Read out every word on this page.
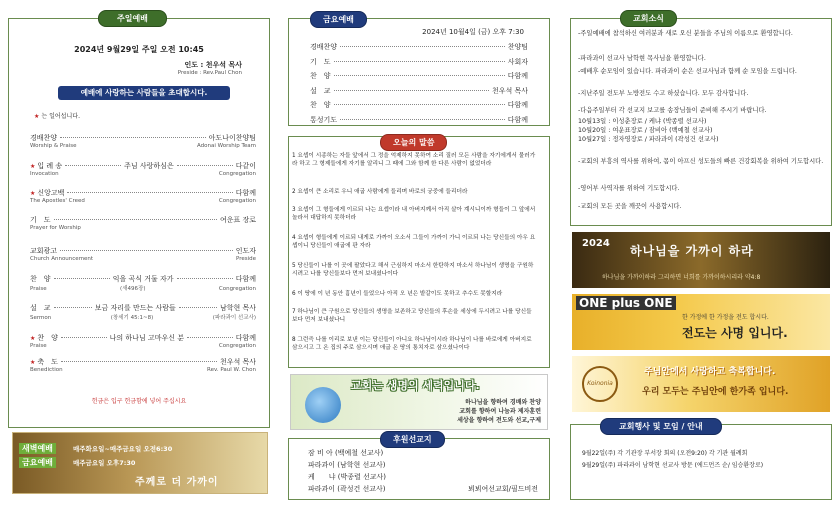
주일예배
2024년 9월29일 주일 오전 10:45
인도 : 천우석 목사
Preside : Rev.Paul Chon
예배에 사랑하는 사람들을 초대합시다.
★ 는 일어섭니다.
경배찬양	아도나이찬양팀
Worship & Praise	Adonai Worship Team
★ 입 례 송	주님 사랑하심은	다같이
Invocation	Congregation
★ 신앙고백	다함께
The Apostles' Creed	Congregation
기　도	여운표 장로
Prayer for Worship
교회광고	인도자
Church Announcement	Preside
찬　양	익을 곡식 거둘 자가	다함께
Praise	(새496장)	Congregation
설　교	보금 자리를 만드는 사람들	남학현 목사
Sermon	(창세기 45:1~8)	(파라과이 선교사)
★ 찬　양	나의 하나님 고마우신 분	다함께
Praise	Congregation
★ 축　도	천우석 목사
Benediction	Rev. Paul W. Chon
헌금은 입구 헌금함에 넣어 주십시요
새벽예배	매주화요일~매주금요일 오전6:30
금요예배	매주금요일 오후7:30
주께로 더 가까이
금요예배
2024년 10월4일 (금) 오후 7:30
경배찬양	찬양팀
기　도	사회자
찬　양	다함께
설　교	천우석 목사
찬　양	다함께
통성기도	다함께
오늘의 말씀
1 요셉이 시종하는 자들 앞에서 그 정을 억제하지 못하여 소리 질러 모든 사람을 자기에게서 물러가라 하고 그 형제들에게 자기를 알리니 그 때에 그와 함께 한 다른 사람이 없었더라
2 요셉이 큰 소리로 우니 애굽 사람에게 들리며 바로의 궁중에 들리더라
3 요셉이 그 형들에게 이르되 나는 요셉이라 내 아버지께서 아직 살아 계시니이까 형들이 그 앞에서 놀라서 대답하지 못하더라
4 요셉이 형들에게 이르되 내게로 가까이 오소서 그들이 가까이 가니 이르되 나는 당신들의 아우 요셉이니 당신들이 애굽에 판 자라
5 당신들이 나를 이 곳에 팔았다고 해서 근심하지 마소서 한탄하지 마소서 하나님이 생명을 구원하시려고 나를 당신들보다 먼저 보내셨나이다
6 이 땅에 이 년 동안 흉년이 들었으나 아직 오 년은 밭갈이도 못하고 추수도 못할지라
7 하나님이 큰 구원으로 당신들의 생명을 보존하고 당신들의 후손을 세상에 두시려고 나를 당신들보다 먼저 보내셨나니
8 그런즉 나를 이리로 보낸 이는 당신들이 아니요 하나님이시라 하나님이 나를 바로에게 아버지로 삼으시고 그 온 집의 주로 삼으시며 애굽 온 땅의 통치자로 삼으셨나이다
교회는 생명의 세력입니다.
하나님을 향하여 경배와 찬양
교회를 향하여 나눔과 제자훈련
세상을 향하여 전도와 선교,구제
후원선교지
잠 비 아 (백예철 선교사)
파라과이 (남학현 선교사)
케　　냐 (박종렬 선교사)
파라과이 (곽성건 선교사)	뵈뵈여선교회/필드비전
교회소식
-주일예배에 참석하신 여러분과 새로 오신 분들을 주님의 이름으로 환영합니다.
-파라과이 선교사 남학현 목사님을 환영합니다.
-예배후 순모임이 있습니다. 파라과이 순은 선교사님과 함께 순 모임을 드립니다.
-지난주일 전도부 노방전도 수고 하셨습니다. 모두 감사합니다.
-다음주일부터 각 선교지 보고를 송장님들이 준비해 주시기 바랍니다.
10월13일 : 이성춘장로 / 케냐 (박종렬 선교사)
10월20일 : 여운표장로 / 잠비아 (백예철 선교사)
10월27일 : 정자영장로 / 파라과이 (곽성건 선교사)
-교회의 부흥의 역사를 위하여, 몸이 아프신 성도들의 빠른 건강회복을 위하여 기도합시다.
-영어부 사역자를 위하여 기도합시다.
-교회의 모든 곳을 깨끗이 사용합시다.
2024
하나님을 가까이 하라
하나님을 가까이하라 그리하면 너희를 가까이하시리라 약4:8
ONE plus ONE
한 가정에 한 가정을 전도 합시다.
전도는 사명 입니다.
Koinonia
주님안에서 사랑하고 축복합니다.
우리 모두는 주님안에 한가족 입니다.
교회행사 및 모임 / 안내
9월22일(주) 각 기관장 부서장 회의 (오전9:20) 각 기관 월례회
9월29일(주) 파라과이 남학현 선교사 방문 (에드먼즈 순/ 임승환장로)
